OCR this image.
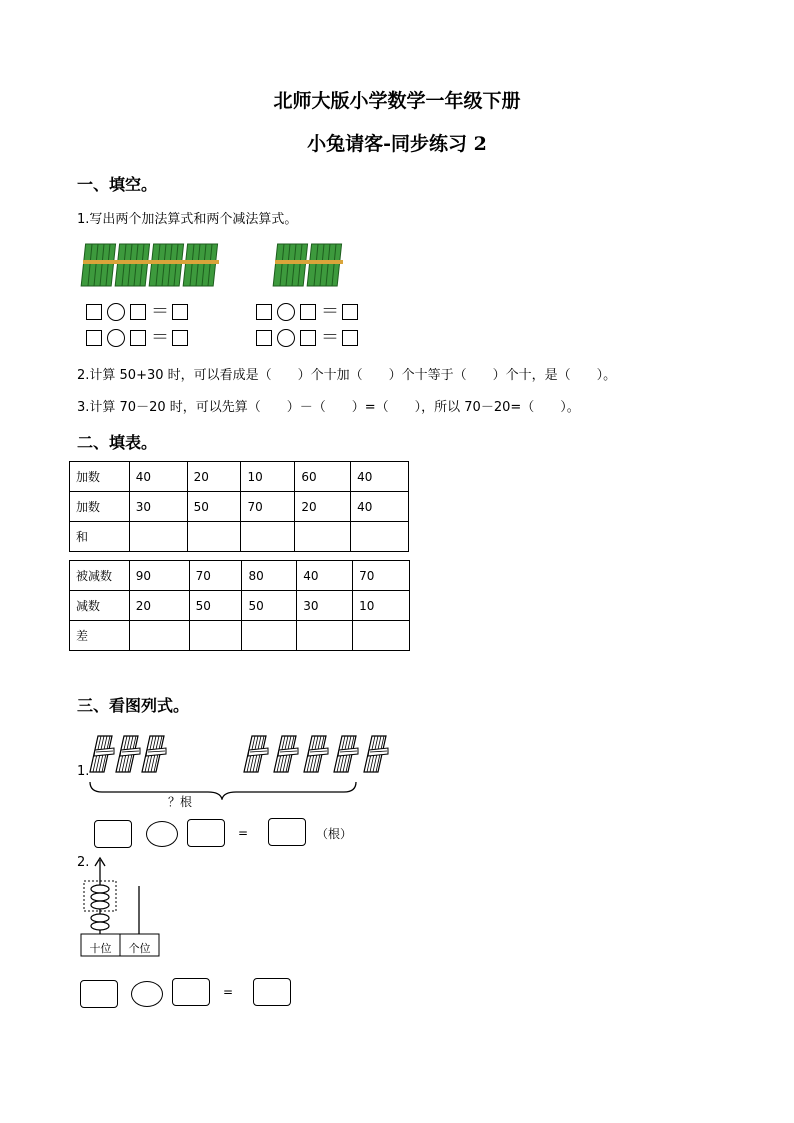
北师大版小学数学一年级下册
小兔请客-同步练习 2
一、填空。
1.写出两个加法算式和两个减法算式。
＝
＝
＝
＝
2.计算 50+30 时，可以看成是（　　）个十加（　　）个十等于（　　）个十，是（　　）。
3.计算 70－20 时，可以先算（　　）－（　　）=（　　），所以 70－20=（　　）。
二、填表。
加数	40	20	10	60	40
加数	30	50	70	20	40
和					
被减数	90	70	80	40	70
减数	20	50	50	30	10
差					
三、看图列式。
1.
？根
=	（根）
2.
十位	个位
=
